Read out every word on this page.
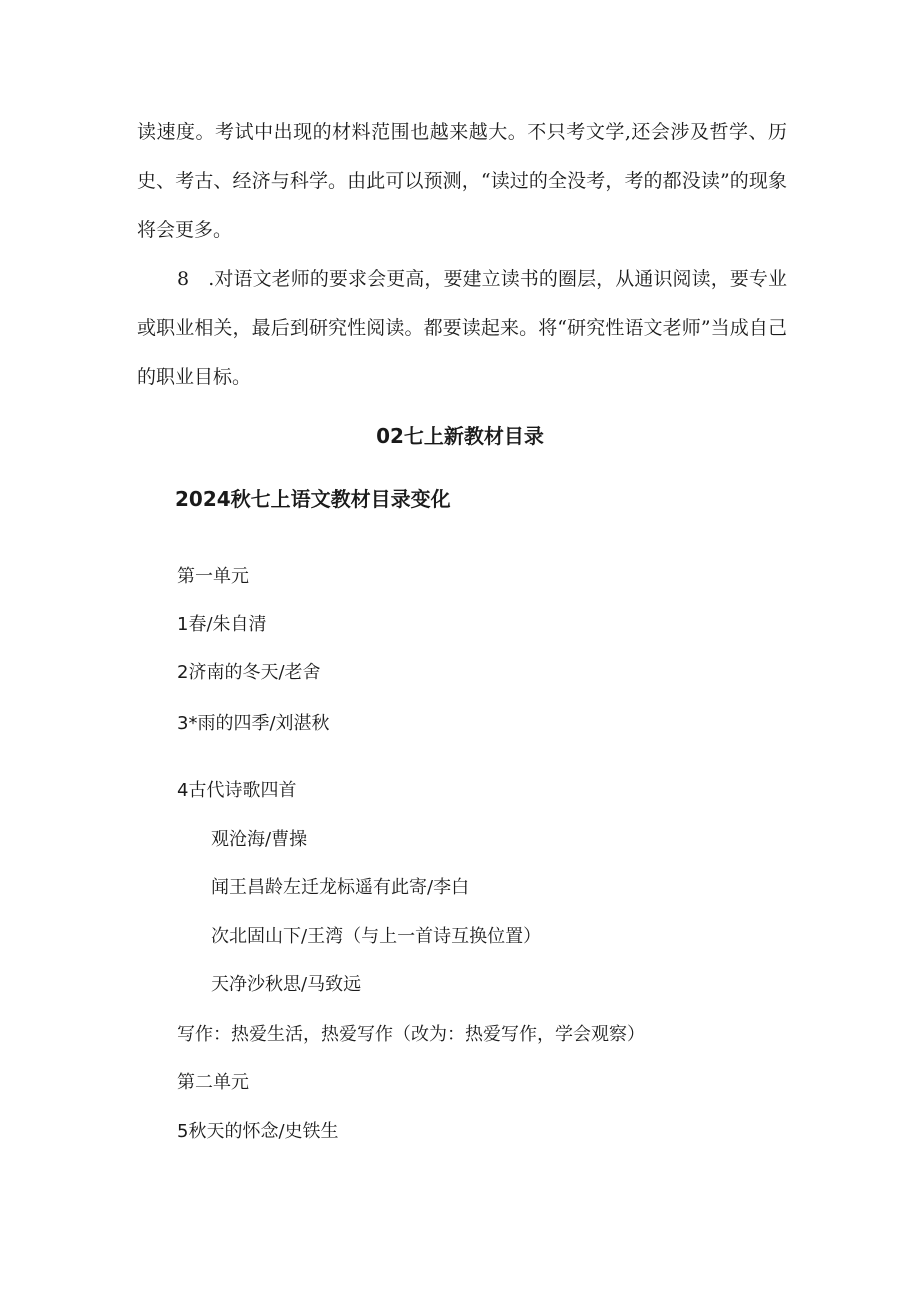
读速度。考试中出现的材料范围也越来越大。不只考文学,还会涉及哲学、历史、考古、经济与科学。由此可以预测，“读过的全没考，考的都没读”的现象将会更多。

8　.对语文老师的要求会更高，要建立读书的圈层，从通识阅读，要专业或职业相关，最后到研究性阅读。都要读起来。将“研究性语文老师”当成自己的职业目标。

02七上新教材目录
2024秋七上语文教材目录变化
第一单元
1春/朱自清
2济南的冬天/老舍
3*雨的四季/刘湛秋
4古代诗歌四首
观沧海/曹操
闻王昌龄左迁龙标遥有此寄/李白
次北固山下/王湾（与上一首诗互换位置）
天净沙秋思/马致远
写作：热爱生活，热爱写作（改为：热爱写作，学会观察）
第二单元
5秋天的怀念/史铁生
